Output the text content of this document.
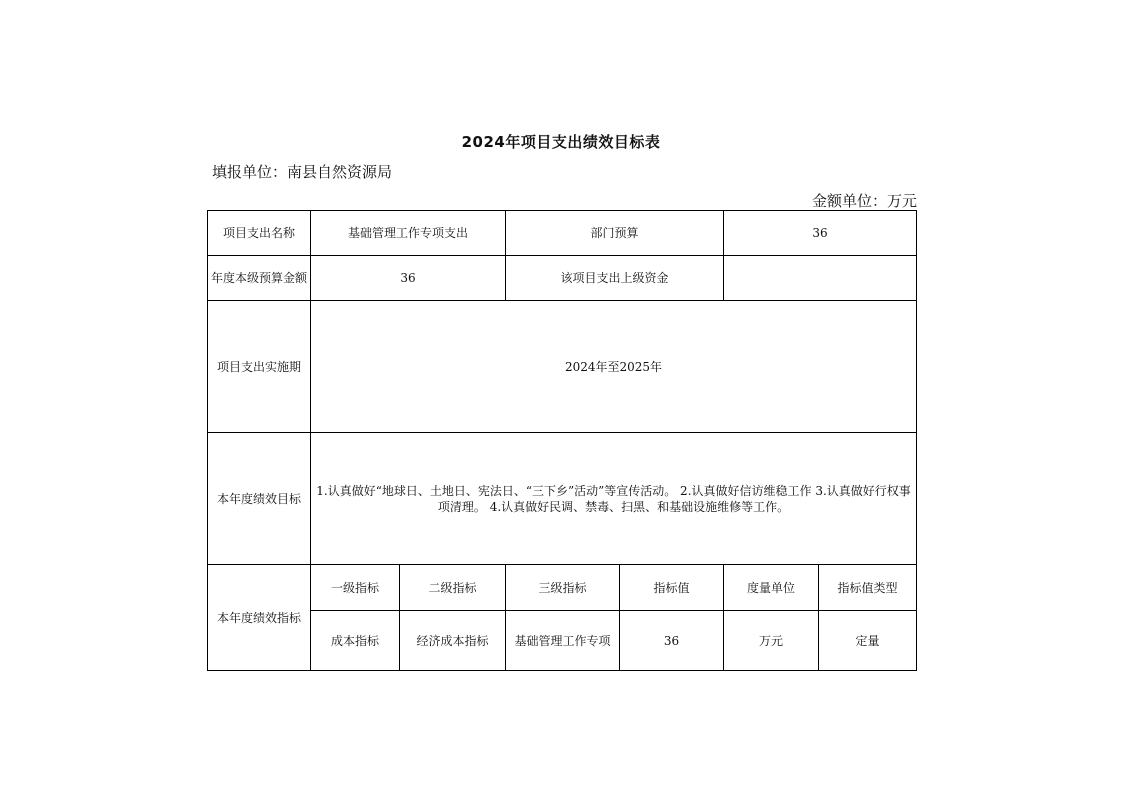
2024年项目支出绩效目标表
填报单位：南县自然资源局
金额单位：万元
项目支出名称	基础管理工作专项支出		部门预算		36	
年度本级预算金额	36		该项目支出上级资金			
项目支出实施期	2024年至2025年					
本年度绩效目标	1.认真做好“地球日、土地日、宪法日、“三下乡”活动”等宣传活动。 2.认真做好信访维稳工作 3.认真做好行权事项清理。 4.认真做好民调、禁毒、扫黑、和基础设施维修等工作。					
本年度绩效指标	一级指标	二级指标	三级指标	指标值	度量单位	指标值类型
	成本指标	经济成本指标	基础管理工作专项	36	万元	定量
